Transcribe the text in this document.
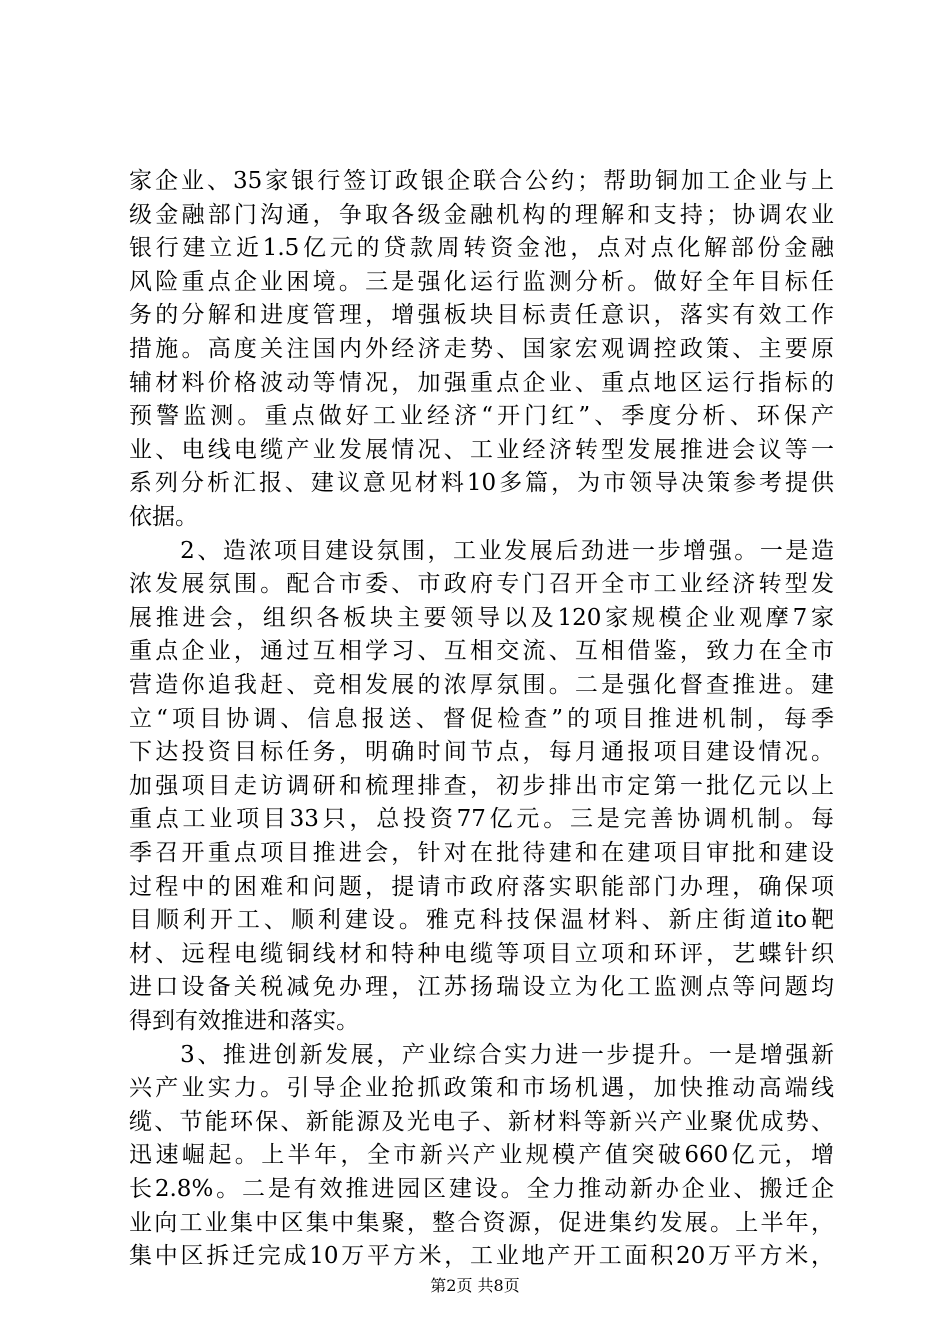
家企业、35家银行签订政银企联合公约；帮助铜加工企业与上
级金融部门沟通，争取各级金融机构的理解和支持；协调农业
银行建立近1.5亿元的贷款周转资金池，点对点化解部份金融
风险重点企业困境。三是强化运行监测分析。做好全年目标任
务的分解和进度管理，增强板块目标责任意识，落实有效工作
措施。高度关注国内外经济走势、国家宏观调控政策、主要原
辅材料价格波动等情况，加强重点企业、重点地区运行指标的
预警监测。重点做好工业经济“开门红”、季度分析、环保产
业、电线电缆产业发展情况、工业经济转型发展推进会议等一
系列分析汇报、建议意见材料10多篇，为市领导决策参考提供
依据。
　　2、造浓项目建设氛围，工业发展后劲进一步增强。一是造
浓发展氛围。配合市委、市政府专门召开全市工业经济转型发
展推进会，组织各板块主要领导以及120家规模企业观摩7家
重点企业，通过互相学习、互相交流、互相借鉴，致力在全市
营造你追我赶、竞相发展的浓厚氛围。二是强化督查推进。建
立“项目协调、信息报送、督促检查”的项目推进机制，每季
下达投资目标任务，明确时间节点，每月通报项目建设情况。
加强项目走访调研和梳理排查，初步排出市定第一批亿元以上
重点工业项目33只，总投资77亿元。三是完善协调机制。每
季召开重点项目推进会，针对在批待建和在建项目审批和建设
过程中的困难和问题，提请市政府落实职能部门办理，确保项
目顺利开工、顺利建设。雅克科技保温材料、新庄街道ito靶
材、远程电缆铜线材和特种电缆等项目立项和环评，艺蝶针织
进口设备关税减免办理，江苏扬瑞设立为化工监测点等问题均
得到有效推进和落实。
　　3、推进创新发展，产业综合实力进一步提升。一是增强新
兴产业实力。引导企业抢抓政策和市场机遇，加快推动高端线
缆、节能环保、新能源及光电子、新材料等新兴产业聚优成势、
迅速崛起。上半年，全市新兴产业规模产值突破660亿元，增
长2.8%。二是有效推进园区建设。全力推动新办企业、搬迁企
业向工业集中区集中集聚，整合资源，促进集约发展。上半年，
集中区拆迁完成10万平方米，工业地产开工面积20万平方米，
第2页 共8页
